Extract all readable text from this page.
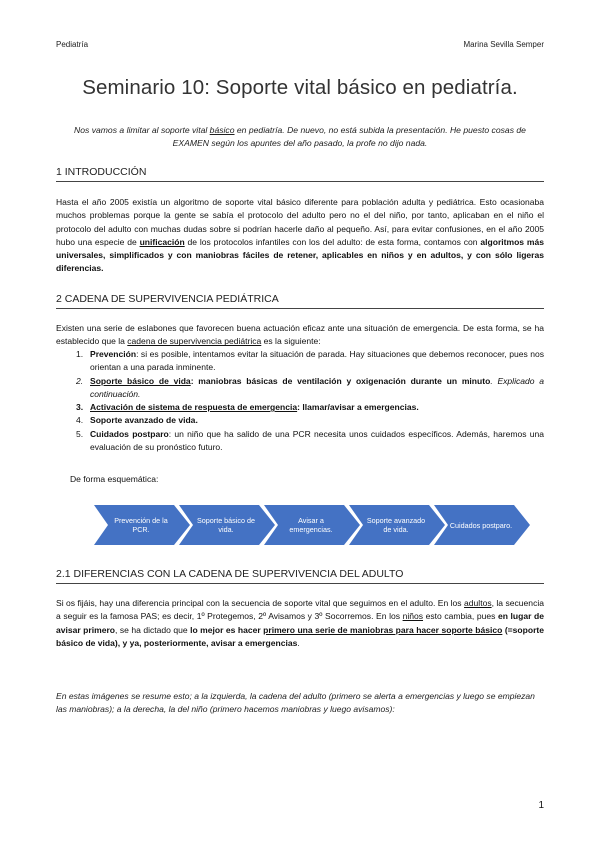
Pediatría	Marina Sevilla Semper
Seminario 10: Soporte vital básico en pediatría.
Nos vamos a limitar al soporte vital básico en pediatría. De nuevo, no está subida la presentación. He puesto cosas de EXAMEN según los apuntes del año pasado, la profe no dijo nada.
1 INTRODUCCIÓN
Hasta el año 2005 existía un algoritmo de soporte vital básico diferente para población adulta y pediátrica. Esto ocasionaba muchos problemas porque la gente se sabía el protocolo del adulto pero no el del niño, por tanto, aplicaban en el niño el protocolo del adulto con muchas dudas sobre si podrían hacerle daño al pequeño. Así, para evitar confusiones, en el año 2005 hubo una especie de unificación de los protocolos infantiles con los del adulto: de esta forma, contamos con algoritmos más universales, simplificados y con maniobras fáciles de retener, aplicables en niños y en adultos, y con sólo ligeras diferencias.
2 CADENA DE SUPERVIVENCIA PEDIÁTRICA
Existen una serie de eslabones que favorecen buena actuación eficaz ante una situación de emergencia. De esta forma, se ha establecido que la cadena de supervivencia pediátrica es la siguiente:
1. Prevención: si es posible, intentamos evitar la situación de parada. Hay situaciones que debemos reconocer, pues nos orientan a una parada inminente.
2. Soporte básico de vida: maniobras básicas de ventilación y oxigenación durante un minuto. Explicado a continuación.
3. Activación de sistema de respuesta de emergencia: llamar/avisar a emergencias.
4. Soporte avanzado de vida.
5. Cuidados postparo: un niño que ha salido de una PCR necesita unos cuidados específicos. Además, haremos una evaluación de su pronóstico futuro.
De forma esquemática:
Prevención de la PCR.
Soporte básico de vida.
Avisar a emergencias.
Soporte avanzado de vida.	Cuidados postparo.
2.1 DIFERENCIAS CON LA CADENA DE SUPERVIVENCIA DEL ADULTO
Si os fijáis, hay una diferencia principal con la secuencia de soporte vital que seguimos en el adulto. En los adultos, la secuencia a seguir es la famosa PAS; es decir, 1º Protegemos, 2º Avisamos y 3º Socorremos. En los niños esto cambia, pues en lugar de avisar primero, se ha dictado que lo mejor es hacer primero una serie de maniobras para hacer soporte básico (=soporte básico de vida), y ya, posteriormente, avisar a emergencias.
En estas imágenes se resume esto; a la izquierda, la cadena del adulto (primero se alerta a emergencias y luego se empiezan las maniobras); a la derecha, la del niño (primero hacemos maniobras y luego avisamos):
1
